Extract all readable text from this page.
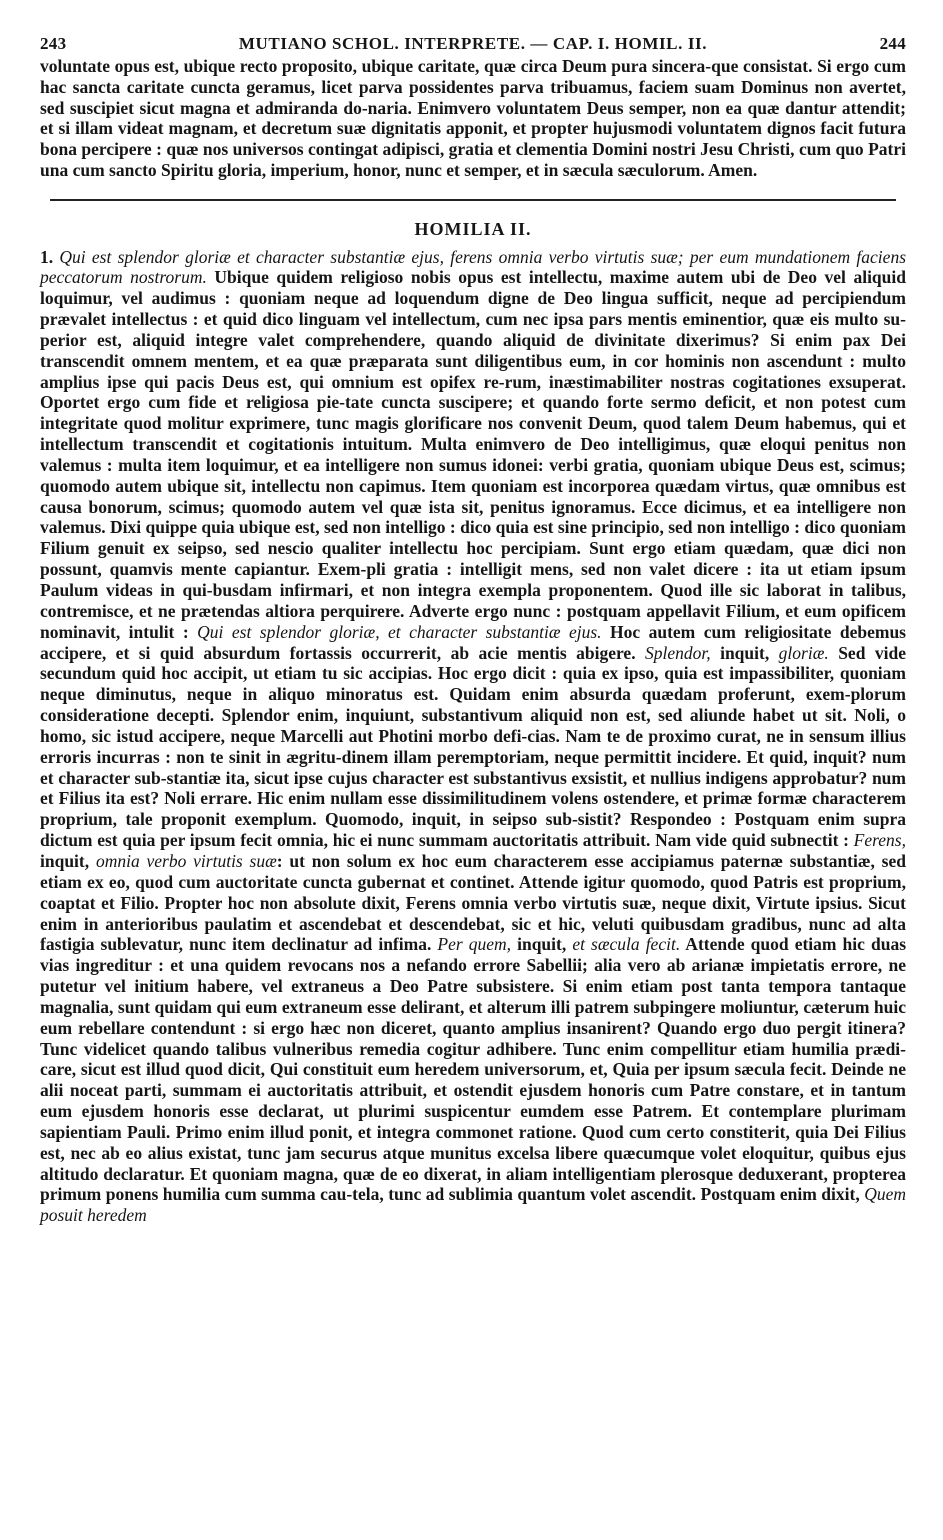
243	MUTIANO SCHOL. INTERPRETE. — CAP. I. HOMIL. II.	244

voluntate opus est, ubique recto proposito, ubique caritate, quæ circa Deum pura sincera-que consistat. Si ergo cum hac sancta caritate cuncta geramus, licet parva possidentes parva tribuamus, faciem suam Dominus non avertet, sed suscipiet sicut magna et admiranda do-naria. Enimvero voluntatem Deus semper, non ea quæ dantur attendit; et si illam videat magnam, et decretum suæ dignitatis apponit, et propter hujusmodi voluntatem dignos facit futura bona percipere : quæ nos universos contingat adipisci, gratia et clementia Domini nostri Jesu Christi, cum quo Patri una cum sancto Spiritu gloria, imperium, honor, nunc et semper, et in sæcula sæculorum. Amen.

HOMILIA II.

1. Qui est splendor gloriæ et character substantiæ ejus, ferens omnia verbo virtutis suæ; per eum mundationem faciens peccatorum nostrorum. Ubique quidem religioso nobis opus est intellectu, maxime autem ubi de Deo vel aliquid loquimur, vel audimus : quoniam neque ad loquendum digne de Deo lingua sufficit, neque ad percipiendum prævalet intellectus : et quid dico linguam vel intellectum, cum nec ipsa pars mentis eminentior, quæ eis multo su-perior est, aliquid integre valet comprehendere, quando aliquid de divinitate dixerimus? Si enim pax Dei transcendit omnem mentem, et ea quæ præparata sunt diligentibus eum, in cor hominis non ascendunt : multo amplius ipse qui pacis Deus est, qui omnium est opifex re-rum, inæstimabiliter nostras cogitationes exsuperat. Oportet ergo cum fide et religiosa pie-tate cuncta suscipere; et quando forte sermo deficit, et non potest cum integritate quod molitur exprimere, tunc magis glorificare nos convenit Deum, quod talem Deum habemus, qui et intellectum transcendit et cogitationis intuitum. Multa enimvero de Deo intelligimus, quæ eloqui penitus non valemus : multa item loquimur, et ea intelligere non sumus idonei: verbi gratia, quoniam ubique Deus est, scimus; quomodo autem ubique sit, intellectu non capimus. Item quoniam est incorporea quædam virtus, quæ omnibus est causa bonorum, scimus; quomodo autem vel quæ ista sit, penitus ignoramus. Ecce dicimus, et ea intelligere non valemus. Dixi quippe quia ubique est, sed non intelligo : dico quia est sine principio, sed non intelligo : dico quoniam Filium genuit ex seipso, sed nescio qualiter intellectu hoc percipiam. Sunt ergo etiam quædam, quæ dici non possunt, quamvis mente capiantur. Exem-pli gratia : intelligit mens, sed non valet dicere : ita ut etiam ipsum Paulum videas in qui-busdam infirmari, et non integra exempla proponentem. Quod ille sic laborat in talibus, contremisce, et ne prætendas altiora perquirere. Adverte ergo nunc : postquam appellavit Filium, et eum opificem nominavit, intulit : Qui est splendor gloriæ, et character substantiæ ejus. Hoc autem cum religiositate debemus accipere, et si quid absurdum fortassis occurrerit, ab acie mentis abigere. Splendor, inquit, gloriæ. Sed vide secundum quid hoc accipit, ut etiam tu sic accipias. Hoc ergo dicit : quia ex ipso, quia est impassibiliter, quoniam neque diminutus, neque in aliquo minoratus est. Quidam enim absurda quædam proferunt, exem-plorum consideratione decepti. Splendor enim, inquiunt, substantivum aliquid non est, sed aliunde habet ut sit. Noli, o homo, sic istud accipere, neque Marcelli aut Photini morbo defi-cias. Nam te de proximo curat, ne in sensum illius erroris incurras : non te sinit in ægritu-dinem illam peremptoriam, neque permittit incidere. Et quid, inquit? num et character sub-stantiæ ita, sicut ipse cujus character est substantivus exsistit, et nullius indigens approbatur? num et Filius ita est? Noli errare. Hic enim nullam esse dissimilitudinem volens ostendere, et primæ formæ characterem proprium, tale proponit exemplum. Quomodo, inquit, in seipso sub-sistit? Respondeo : Postquam enim supra dictum est quia per ipsum fecit omnia, hic ei nunc summam auctoritatis attribuit. Nam vide quid subnectit : Ferens, inquit, omnia verbo virtutis suæ: ut non solum ex hoc eum characterem esse accipiamus paternæ substantiæ, sed etiam ex eo, quod cum auctoritate cuncta gubernat et continet. Attende igitur quomodo, quod Patris est proprium, coaptat et Filio. Propter hoc non absolute dixit, Ferens omnia verbo virtutis suæ, neque dixit, Virtute ipsius. Sicut enim in anterioribus paulatim et ascendebat et descendebat, sic et hic, veluti quibusdam gradibus, nunc ad alta fastigia sublevatur, nunc item declinatur ad infima. Per quem, inquit, et sæcula fecit. Attende quod etiam hic duas vias ingreditur : et una quidem revocans nos a nefando errore Sabellii; alia vero ab arianæ impietatis errore, ne putetur vel initium habere, vel extraneus a Deo Patre subsistere. Si enim etiam post tanta tempora tantaque magnalia, sunt quidam qui eum extraneum esse delirant, et alterum illi patrem subpingere moliuntur, cæterum huic eum rebellare contendunt : si ergo hæc non diceret, quanto amplius insanirent? Quando ergo duo pergit itinera? Tunc videlicet quando talibus vulneribus remedia cogitur adhibere. Tunc enim compellitur etiam humilia prædi-care, sicut est illud quod dicit, Qui constituit eum heredem universorum, et, Quia per ipsum sæcula fecit. Deinde ne alii noceat parti, summam ei auctoritatis attribuit, et ostendit ejusdem honoris cum Patre constare, et in tantum eum ejusdem honoris esse declarat, ut plurimi suspicentur eumdem esse Patrem. Et contemplare plurimam sapientiam Pauli. Primo enim illud ponit, et integra commonet ratione. Quod cum certo constiterit, quia Dei Filius est, nec ab eo alius existat, tunc jam securus atque munitus excelsa libere quæcumque volet eloquitur, quibus ejus altitudo declaratur. Et quoniam magna, quæ de eo dixerat, in aliam intelligentiam plerosque deduxerant, propterea primum ponens humilia cum summa cau-tela, tunc ad sublimia quantum volet ascendit. Postquam enim dixit, Quem posuit heredem
